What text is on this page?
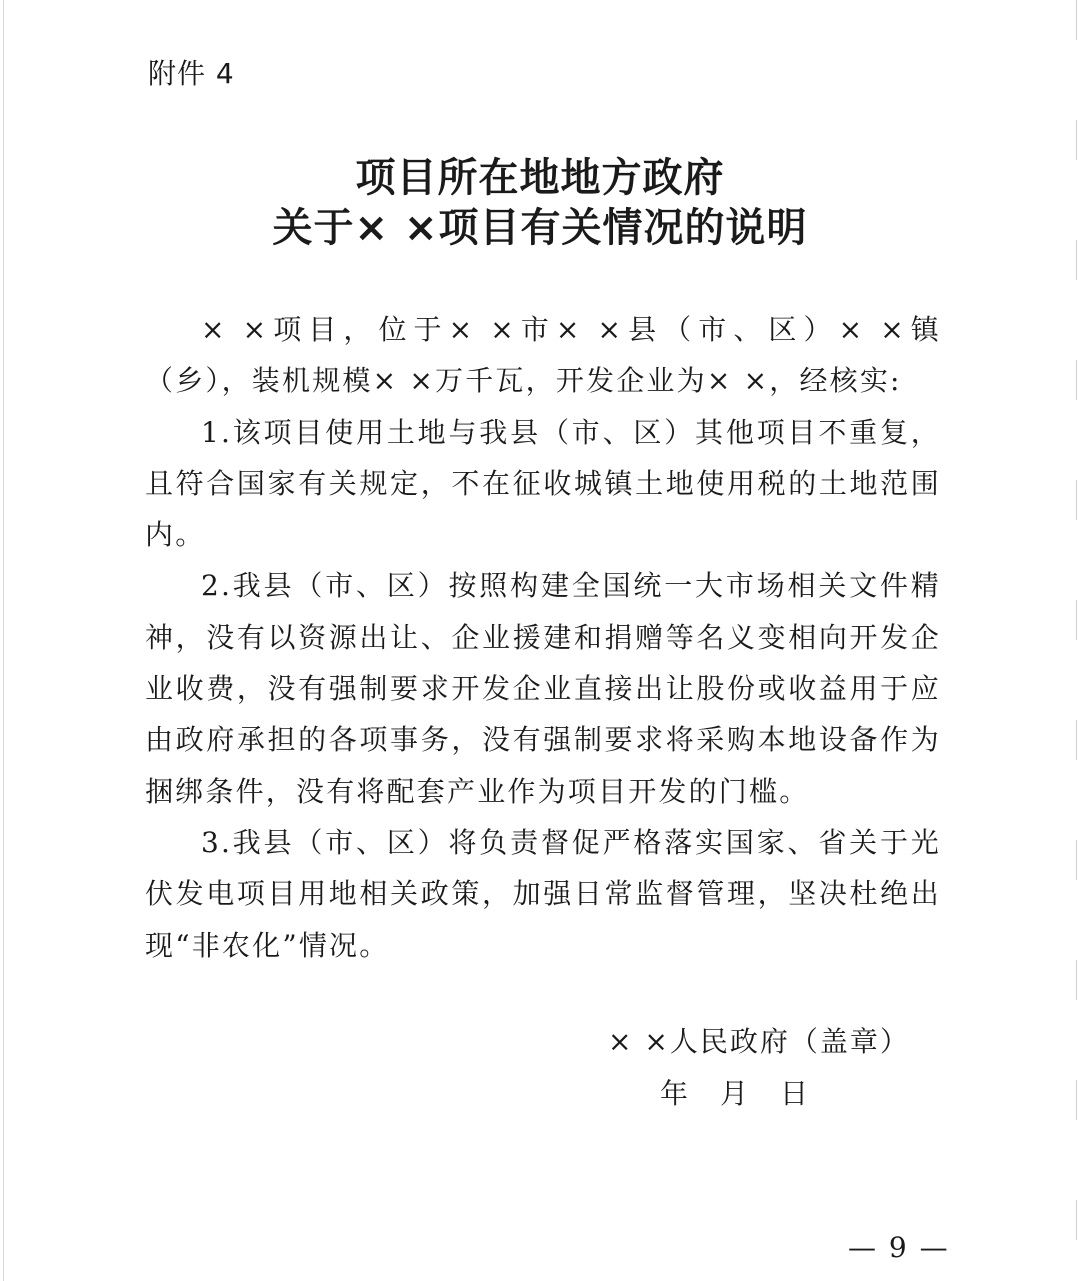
附件 4
项目所在地地方政府
关于× ×项目有关情况的说明

× ×项目，位于× ×市× ×县（市、区）× ×镇（乡），装机规模× ×万千瓦，开发企业为× ×，经核实:

1.该项目使用土地与我县（市、区）其他项目不重复，且符合国家有关规定，不在征收城镇土地使用税的土地范围内。

2.我县（市、区）按照构建全国统一大市场相关文件精神，没有以资源出让、企业援建和捐赠等名义变相向开发企业收费，没有强制要求开发企业直接出让股份或收益用于应由政府承担的各项事务，没有强制要求将采购本地设备作为捆绑条件，没有将配套产业作为项目开发的门槛。

3.我县（市、区）将负责督促严格落实国家、省关于光伏发电项目用地相关政策，加强日常监督管理，坚决杜绝出现“非农化”情况。

× ×人民政府（盖章）
年　月　日
— 9 —
